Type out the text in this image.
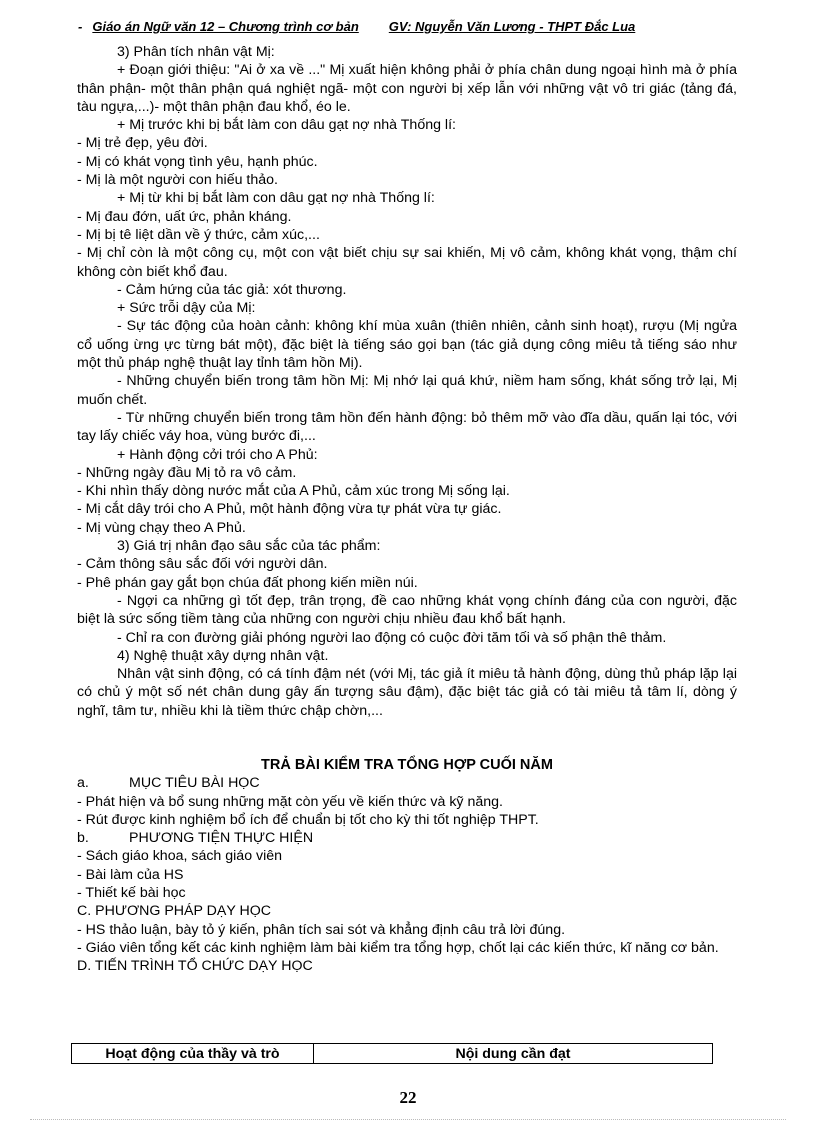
- Giáo án Ngữ văn 12 – Chương trình cơ bản GV: Nguyễn Văn Lương - THPT Đắc Lua

3) Phân tích nhân vật Mị:

+ Đoạn giới thiệu: "Ai ở xa về ..." Mị xuất hiện không phải ở phía chân dung ngoại hình mà ở phía thân phận- một thân phận quá nghiệt ngã- một con người bị xếp lẫn với những vật vô tri giác (tảng đá, tàu ngựa,...)- một thân phận đau khổ, éo le.

+ Mị trước khi bị bắt làm con dâu gạt nợ nhà Thống lí:

- Mị trẻ đẹp, yêu đời.

- Mị có khát vọng tình yêu, hạnh phúc.

- Mị là một người con hiếu thảo.

+ Mị từ khi bị bắt làm con dâu gạt nợ nhà Thống lí:

- Mị đau đớn, uất ức, phản kháng.

- Mị bị tê liệt dần về ý thức, cảm xúc,...

- Mị chỉ còn là một công cụ, một con vật biết chịu sự sai khiến, Mị vô cảm, không khát vọng, thậm chí không còn biết khổ đau.

- Cảm hứng của tác giả: xót thương.

+ Sức trỗi dậy của Mị:

- Sự tác động của hoàn cảnh: không khí mùa xuân (thiên nhiên, cảnh sinh hoạt), rượu (Mị ngửa cổ uống ừng ực từng bát một), đặc biệt là tiếng sáo gọi bạn (tác giả dụng công miêu tả tiếng sáo như một thủ pháp nghệ thuật lay tỉnh tâm hồn Mị).

- Những chuyển biến trong tâm hồn Mị: Mị nhớ lại quá khứ, niềm ham sống, khát sống trở lại, Mị muốn chết.

- Từ những chuyển biến trong tâm hồn đến hành động: bỏ thêm mỡ vào đĩa dầu, quấn lại tóc, với tay lấy chiếc váy hoa, vùng bước đi,...

+ Hành động cởi trói cho A Phủ:

- Những ngày đầu Mị tỏ ra vô cảm.

- Khi nhìn thấy dòng nước mắt của A Phủ, cảm xúc trong Mị sống lại.

- Mị cắt dây trói cho A Phủ, một hành động vừa tự phát vừa tự giác.

- Mị vùng chạy theo A Phủ.

3) Giá trị nhân đạo sâu sắc của tác phẩm:

- Cảm thông sâu sắc đối với người dân.

- Phê phán gay gắt bọn chúa đất phong kiến miền núi.

- Ngợi ca những gì tốt đẹp, trân trọng, đề cao những khát vọng chính đáng của con người, đặc biệt là sức sống tiềm tàng của những con người chịu nhiều đau khổ bất hạnh.

- Chỉ ra con đường giải phóng người lao động có cuộc đời tăm tối và số phận thê thảm.

4) Nghệ thuật xây dựng nhân vật.

Nhân vật sinh động, có cá tính đậm nét (với Mị, tác giả ít miêu tả hành động, dùng thủ pháp lặp lại có chủ ý một số nét chân dung gây ấn tượng sâu đậm), đặc biệt tác giả có tài miêu tả tâm lí, dòng ý nghĩ, tâm tư, nhiều khi là tiềm thức chập chờn,...

TRẢ BÀI KIỂM TRA TỔNG HỢP CUỐI NĂM

a.	MỤC TIÊU BÀI HỌC

- Phát hiện và bổ sung những mặt còn yếu về kiến thức và kỹ năng.

- Rút được kinh nghiệm bổ ích để chuẩn bị tốt cho kỳ thi tốt nghiệp THPT.

b.	PHƯƠNG TIỆN THỰC HIỆN

- Sách giáo khoa, sách giáo viên

- Bài làm của HS

- Thiết kế bài học

C. PHƯƠNG PHÁP DẠY HỌC

- HS thảo luận, bày tỏ ý kiến, phân tích sai sót và khẳng định câu trả lời đúng.

- Giáo viên tổng kết các kinh nghiệm làm bài kiểm tra tổng hợp, chốt lại các kiến thức, kĩ năng cơ bản.

D. TIẾN TRÌNH TỔ CHỨC DẠY HỌC

Hoạt động của thầy và trò	Nội dung cần đạt
22
